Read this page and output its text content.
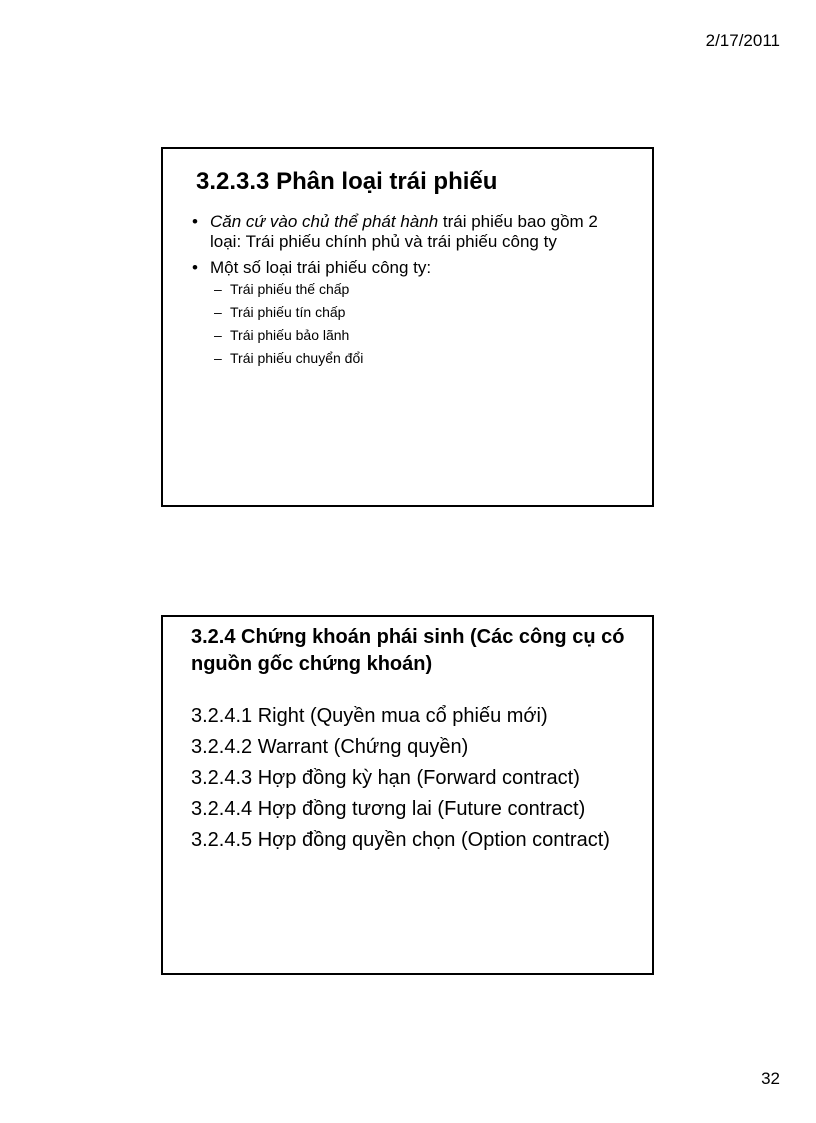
2/17/2011
3.2.3.3 Phân loại trái phiếu
• Căn cứ vào chủ thể phát hành trái phiếu bao gồm 2 loại: Trái phiếu chính phủ và trái phiếu công ty
• Một số loại trái phiếu công ty:
– Trái phiếu thế chấp
– Trái phiếu tín chấp
– Trái phiếu bảo lãnh
– Trái phiếu chuyển đổi
3.2.4 Chứng khoán phái sinh (Các công cụ có nguồn gốc chứng khoán)
3.2.4.1 Right (Quyền mua cổ phiếu mới)
3.2.4.2 Warrant (Chứng quyền)
3.2.4.3 Hợp đồng kỳ hạn (Forward contract)
3.2.4.4 Hợp đồng tương lai (Future contract)
3.2.4.5 Hợp đồng quyền chọn (Option contract)
32
